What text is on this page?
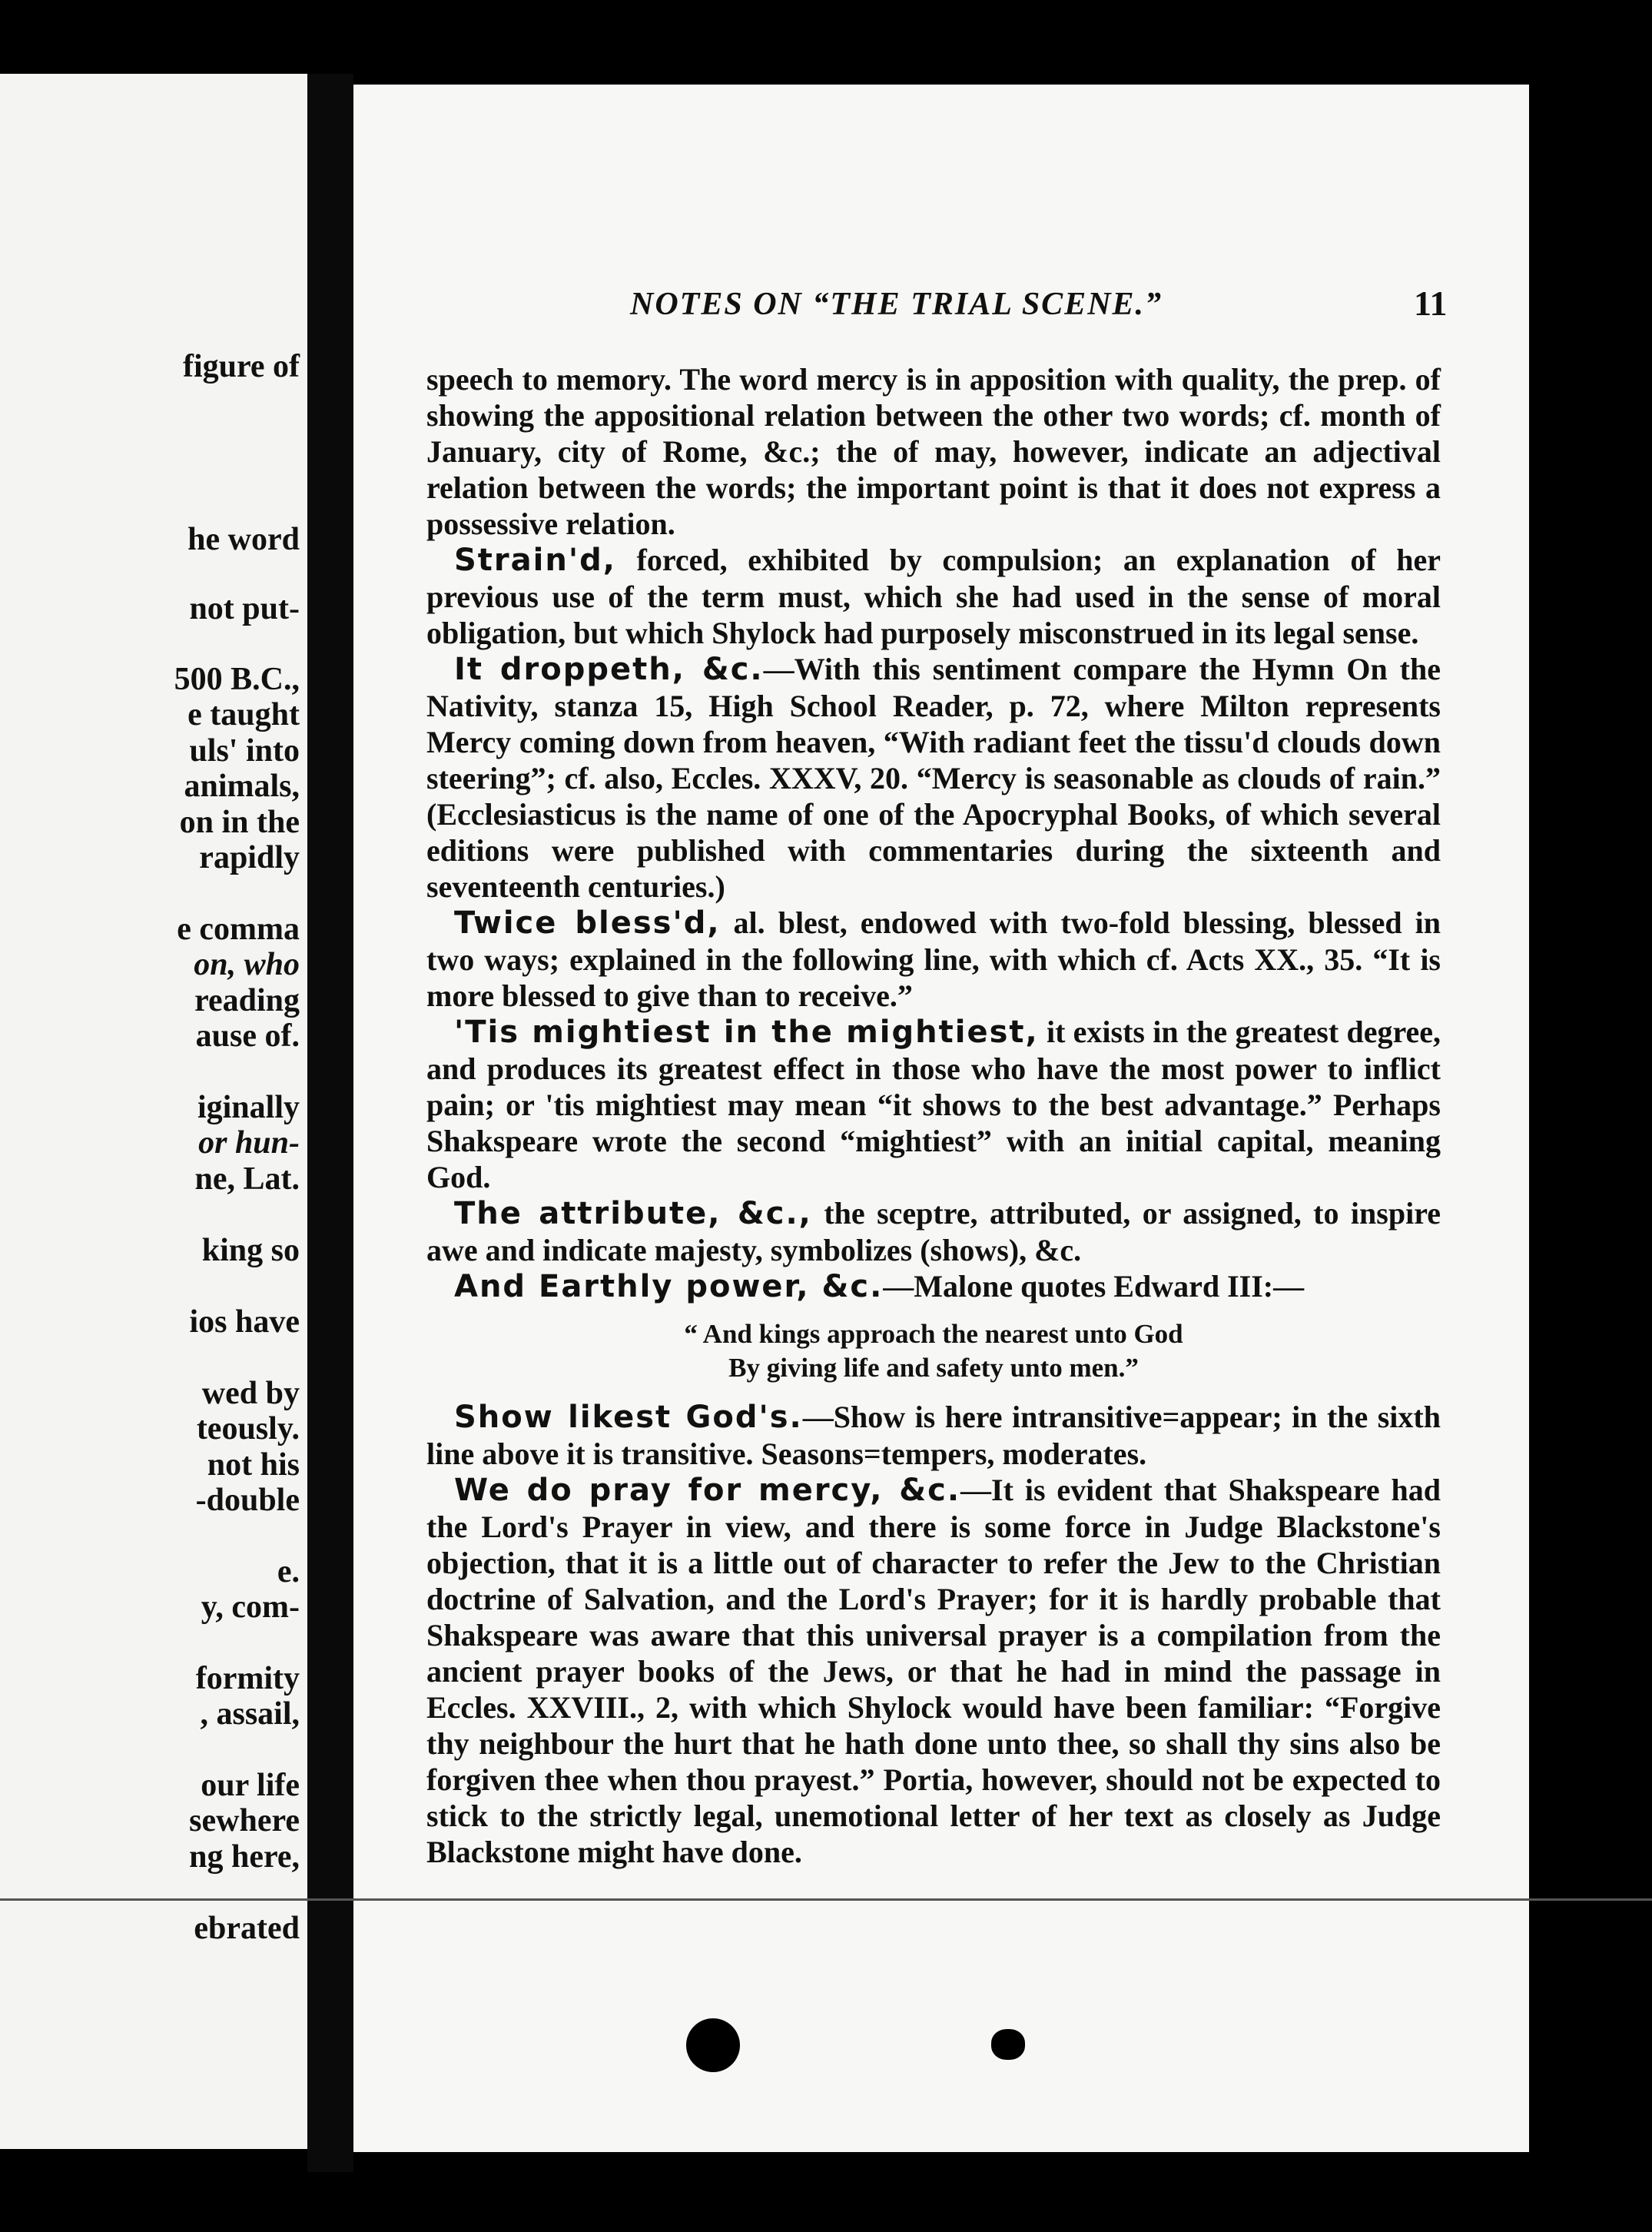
figure of
he word
not put-
500 B.C.,
e taught
uls' into
animals,
on in the
rapidly
e comma
on, who
reading
ause of.
iginally
or hun-
ne, Lat.
king so
ios have
wed by
teously.
not his
-double
e.
y, com-
formity
, assail,
our life
sewhere
ng here,
ebrated
NOTES ON “THE TRIAL SCENE.”	11

speech to memory. The word mercy is in apposition with quality, the prep. of showing the appositional relation between the other two words; cf. month of January, city of Rome, &c.; the of may, however, indicate an adjectival relation between the words; the important point is that it does not express a possessive relation.

Strain'd, forced, exhibited by compulsion; an explanation of her previous use of the term must, which she had used in the sense of moral obligation, but which Shylock had purposely misconstrued in its legal sense.

It droppeth, &c.—With this sentiment compare the Hymn On the Nativity, stanza 15, High School Reader, p. 72, where Milton represents Mercy coming down from heaven, “With radiant feet the tissu'd clouds down steering”; cf. also, Eccles. XXXV, 20. “Mercy is seasonable as clouds of rain.” (Ecclesiasticus is the name of one of the Apocryphal Books, of which several editions were published with commentaries during the sixteenth and seventeenth centuries.)

Twice bless'd, al. blest, endowed with two-fold blessing, blessed in two ways; explained in the following line, with which cf. Acts XX., 35. “It is more blessed to give than to receive.”

'Tis mightiest in the mightiest, it exists in the greatest degree, and produces its greatest effect in those who have the most power to inflict pain; or 'tis mightiest may mean “it shows to the best advantage.” Perhaps Shakspeare wrote the second “mightiest” with an initial capital, meaning God.

The attribute, &c., the sceptre, attributed, or assigned, to inspire awe and indicate majesty, symbolizes (shows), &c.

And Earthly power, &c.—Malone quotes Edward III:—

“ And kings approach the nearest unto God
By giving life and safety unto men.”

Show likest God's.—Show is here intransitive=appear; in the sixth line above it is transitive. Seasons=tempers, moderates.

We do pray for mercy, &c.—It is evident that Shakspeare had the Lord's Prayer in view, and there is some force in Judge Blackstone's objection, that it is a little out of character to refer the Jew to the Christian doctrine of Salvation, and the Lord's Prayer; for it is hardly probable that Shakspeare was aware that this universal prayer is a compilation from the ancient prayer books of the Jews, or that he had in mind the passage in Eccles. XXVIII., 2, with which Shylock would have been familiar: “Forgive thy neighbour the hurt that he hath done unto thee, so shall thy sins also be forgiven thee when thou prayest.” Portia, however, should not be expected to stick to the strictly legal, unemotional letter of her text as closely as Judge Blackstone might have done.
